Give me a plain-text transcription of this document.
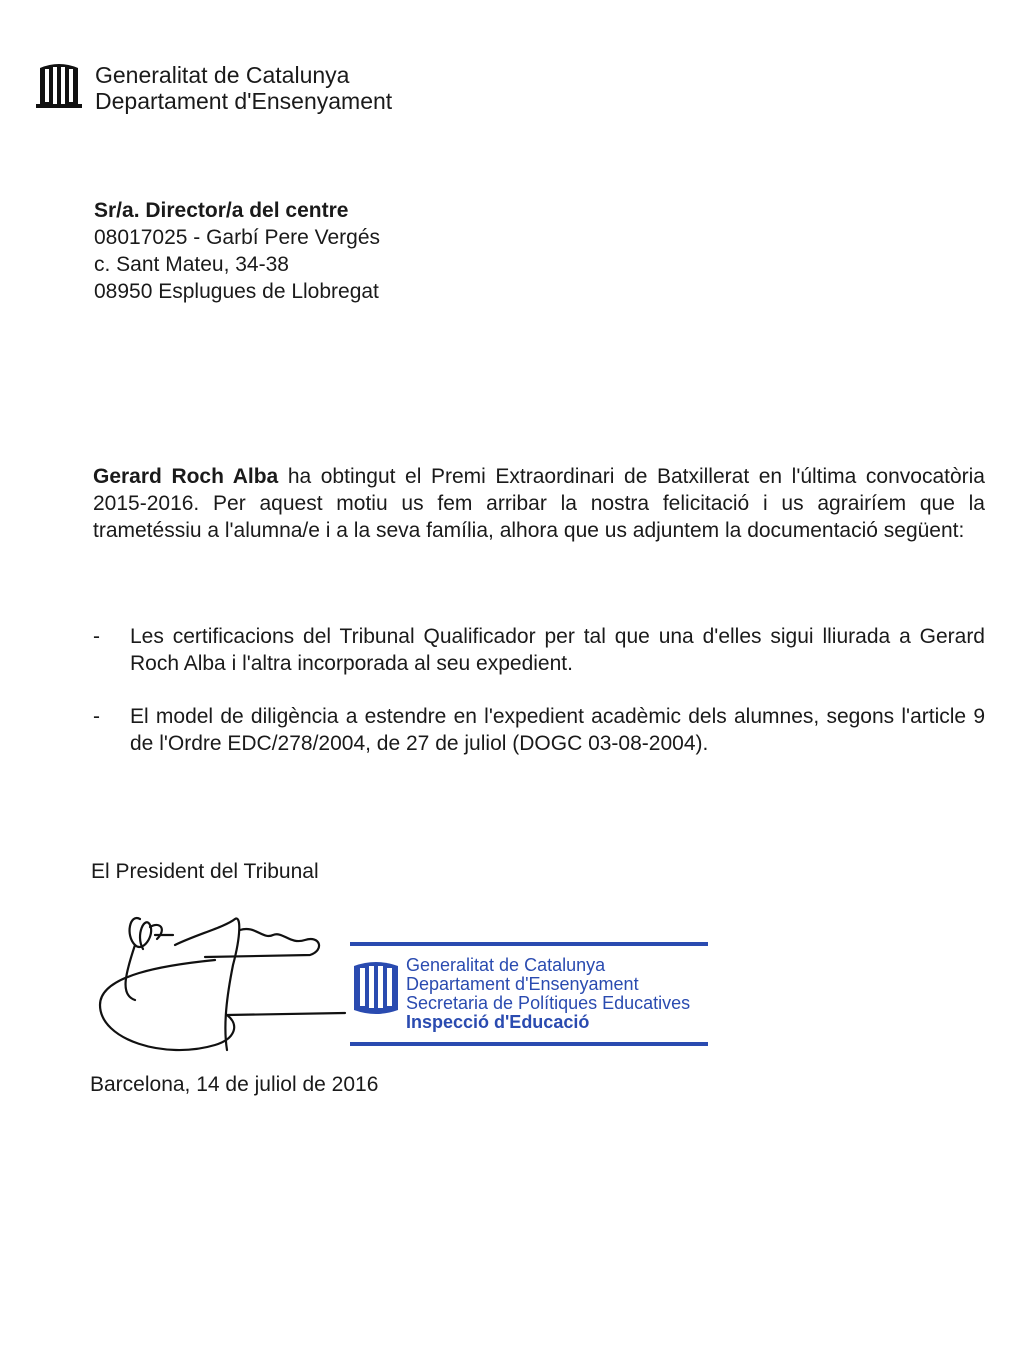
Generalitat de Catalunya
Departament d'Ensenyament
Sr/a. Director/a del centre
08017025 - Garbí Pere Vergés
c. Sant Mateu, 34-38
08950 Esplugues de Llobregat
Gerard Roch Alba ha obtingut el Premi Extraordinari de Batxillerat en l'última convocatòria 2015-2016. Per aquest motiu us fem arribar la nostra felicitació i us agrairíem que la trametéssiu a l'alumna/e i a la seva família, alhora que us adjuntem la documentació següent:
- Les certificacions del Tribunal Qualificador per tal que una d'elles sigui lliurada a Gerard Roch Alba i l'altra incorporada al seu expedient.
- El model de diligència a estendre en l'expedient acadèmic dels alumnes, segons l'article 9 de l'Ordre EDC/278/2004, de 27 de juliol (DOGC 03-08-2004).
El President del Tribunal
Generalitat de Catalunya
Departament d'Ensenyament
Secretaria de Polítiques Educatives
Inspecció d'Educació
Barcelona, 14 de juliol de 2016
